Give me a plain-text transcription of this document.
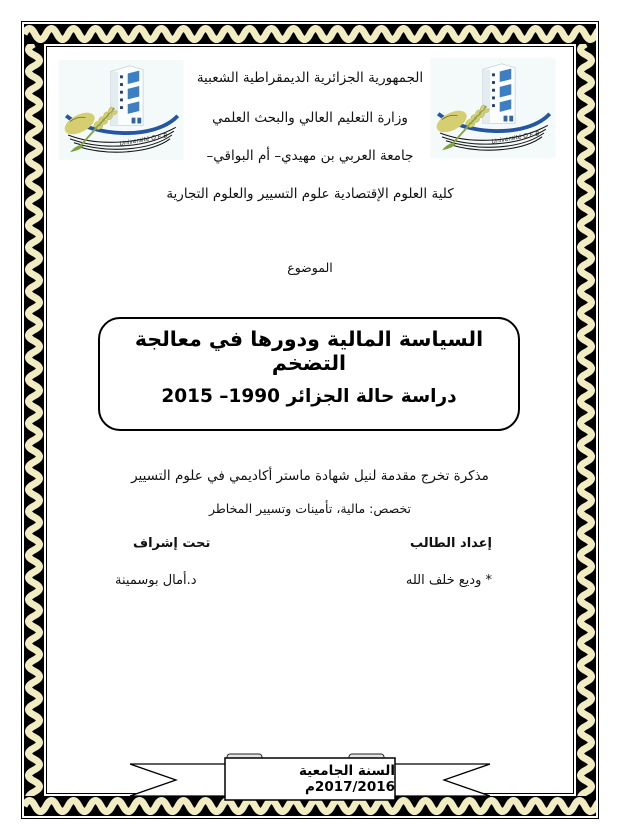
الجمهورية الجزائرية الديمقراطية الشعبية
وزارة التعليم العالي والبحث العلمي
جامعة العربي بن مهيدي– أم البواقي–
كلية العلوم الإقتصادية علوم التسيير والعلوم التجارية
الموضوع
السياسة المالية ودورها في معالجة التضخم
دراسة حالة الجزائر 1990– 2015
مذكرة تخرج مقدمة لنيل شهادة ماستر أكاديمي في علوم التسيير
تخصص: مالية، تأمينات وتسيير المخاطر
إعداد الطالب
تحت إشراف
* وديع خلف الله
د.أمال بوسمينة
السنة الجامعية 2017/2016م
